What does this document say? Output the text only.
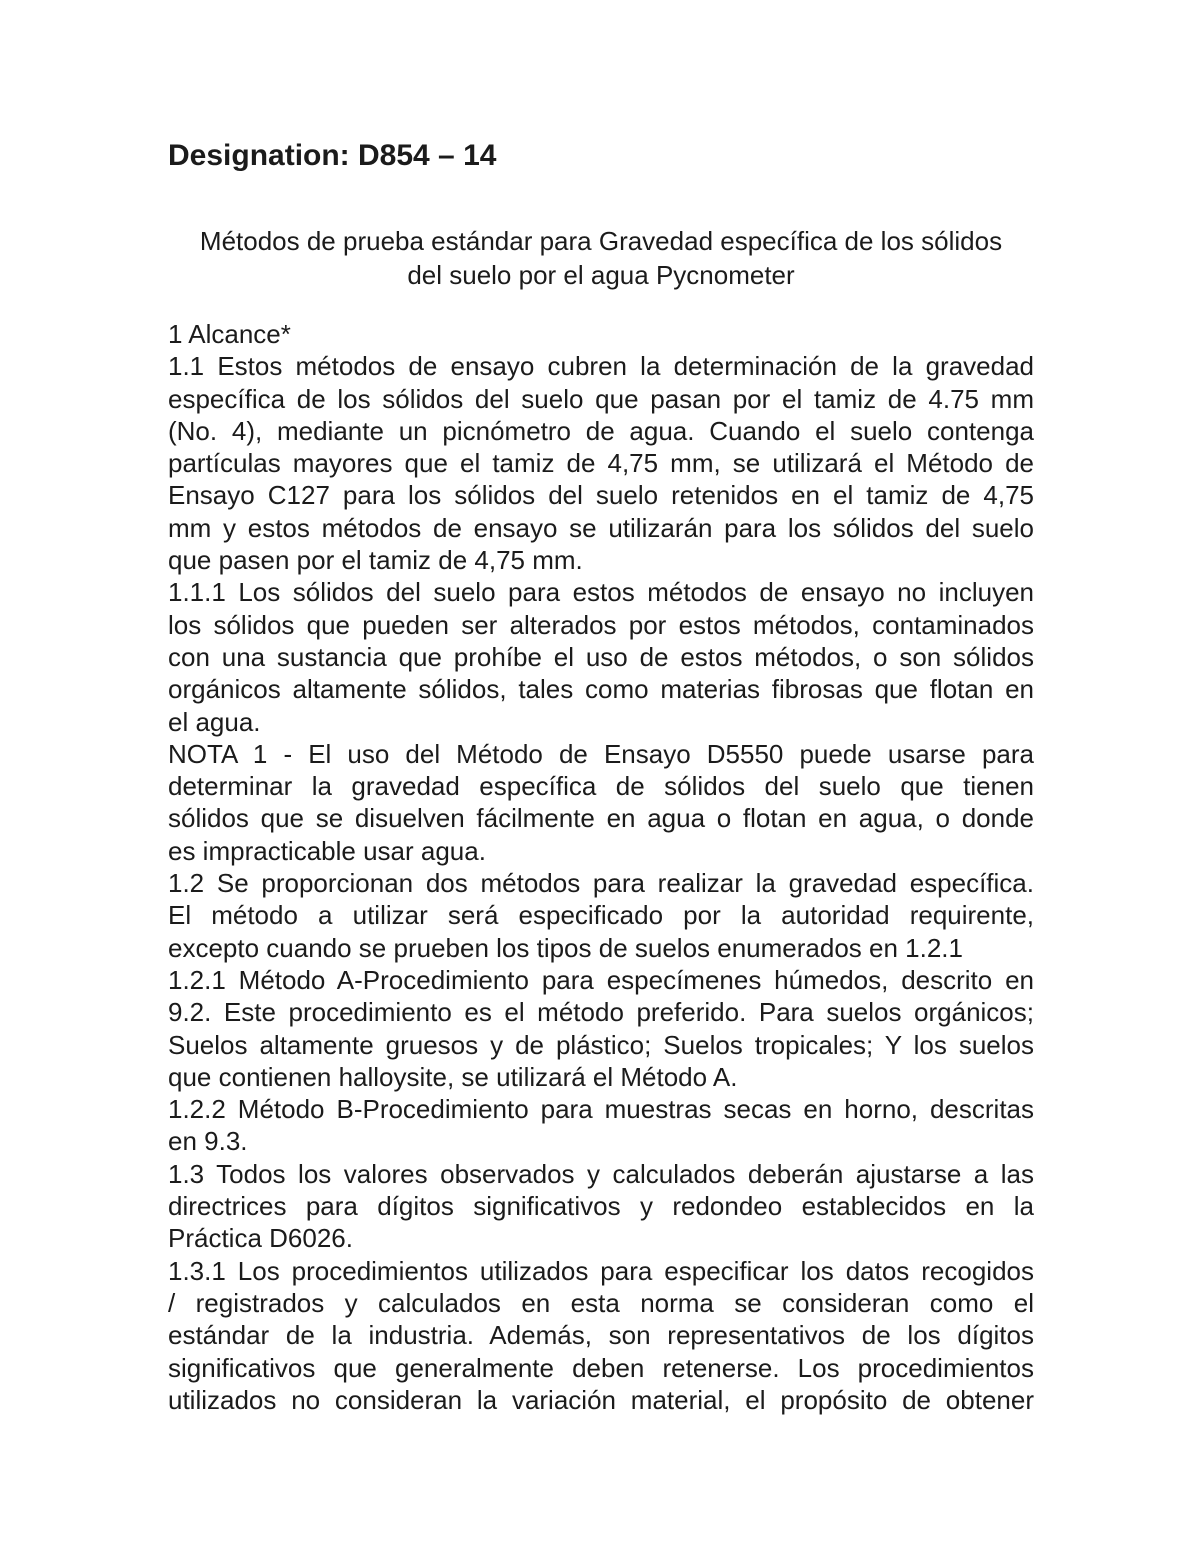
Designation: D854 – 14
Métodos de prueba estándar para Gravedad específica de los sólidos
del suelo por el agua Pycnometer
1 Alcance*
1.1 Estos métodos de ensayo cubren la determinación de la gravedad
específica de los sólidos del suelo que pasan por el tamiz de 4.75 mm
(No. 4), mediante un picnómetro de agua. Cuando el suelo contenga
partículas mayores que el tamiz de 4,75 mm, se utilizará el Método de
Ensayo C127 para los sólidos del suelo retenidos en el tamiz de 4,75
mm y estos métodos de ensayo se utilizarán para los sólidos del suelo
que pasen por el tamiz de 4,75 mm.
1.1.1 Los sólidos del suelo para estos métodos de ensayo no incluyen
los sólidos que pueden ser alterados por estos métodos, contaminados
con una sustancia que prohíbe el uso de estos métodos, o son sólidos
orgánicos altamente sólidos, tales como materias fibrosas que flotan en
el agua.
NOTA 1 - El uso del Método de Ensayo D5550 puede usarse para
determinar la gravedad específica de sólidos del suelo que tienen
sólidos que se disuelven fácilmente en agua o flotan en agua, o donde
es impracticable usar agua.
1.2 Se proporcionan dos métodos para realizar la gravedad específica.
El método a utilizar será especificado por la autoridad requirente,
excepto cuando se prueben los tipos de suelos enumerados en 1.2.1
1.2.1 Método A-Procedimiento para especímenes húmedos, descrito en
9.2. Este procedimiento es el método preferido. Para suelos orgánicos;
Suelos altamente gruesos y de plástico; Suelos tropicales; Y los suelos
que contienen halloysite, se utilizará el Método A.
1.2.2 Método B-Procedimiento para muestras secas en horno, descritas
en 9.3.
1.3 Todos los valores observados y calculados deberán ajustarse a las
directrices para dígitos significativos y redondeo establecidos en la
Práctica D6026.
1.3.1 Los procedimientos utilizados para especificar los datos recogidos
/ registrados y calculados en esta norma se consideran como el
estándar de la industria. Además, son representativos de los dígitos
significativos que generalmente deben retenerse. Los procedimientos
utilizados no consideran la variación material, el propósito de obtener
